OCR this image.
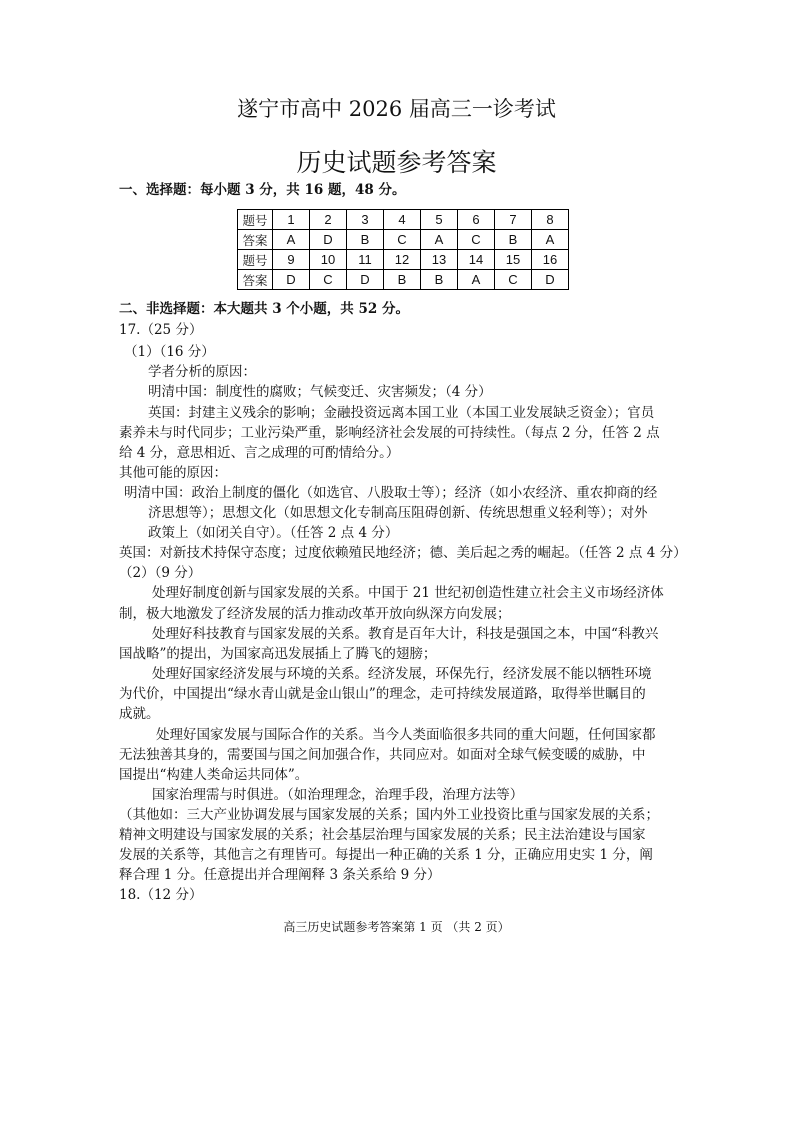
遂宁市高中 2026 届高三一诊考试
历史试题参考答案
一、选择题：每小题 3 分，共 16 题，48 分。
题号	1	2	3	4	5	6	7	8
答案	A	D	B	C	A	C	B	A
题号	9	10	11	12	13	14	15	16
答案	D	C	D	B	B	A	C	D
二、非选择题：本大题共 3 个小题，共 52 分。
17.（25 分）
（1）（16 分）
学者分析的原因：
明清中国：制度性的腐败；气候变迁、灾害频发；（4 分）
英国：封建主义残余的影响；金融投资远离本国工业（本国工业发展缺乏资金）；官员
素养未与时代同步；工业污染严重，影响经济社会发展的可持续性。（每点 2 分，任答 2 点
给 4 分，意思相近、言之成理的可酌情给分。）
其他可能的原因：
明清中国：政治上制度的僵化（如选官、八股取士等）；经济（如小农经济、重农抑商的经
济思想等）；思想文化（如思想文化专制高压阻碍创新、传统思想重义轻利等）；对外
政策上（如闭关自守）。（任答 2 点 4 分）
英国：对新技术持保守态度；过度依赖殖民地经济；德、美后起之秀的崛起。（任答 2 点 4 分）
（2）（9 分）
处理好制度创新与国家发展的关系。中国于 21 世纪初创造性建立社会主义市场经济体
制，极大地激发了经济发展的活力推动改革开放向纵深方向发展；
处理好科技教育与国家发展的关系。教育是百年大计，科技是强国之本，中国“科教兴
国战略”的提出，为国家高迅发展插上了腾飞的翅膀；
处理好国家经济发展与环境的关系。经济发展，环保先行，经济发展不能以牺牲环境
为代价，中国提出“绿水青山就是金山银山”的理念，走可持续发展道路，取得举世瞩目的
成就。
处理好国家发展与国际合作的关系。当今人类面临很多共同的重大问题，任何国家都
无法独善其身的，需要国与国之间加强合作，共同应对。如面对全球气候变暖的威胁，中
国提出“构建人类命运共同体”。
国家治理需与时俱进。（如治理理念，治理手段，治理方法等）
（其他如：三大产业协调发展与国家发展的关系；国内外工业投资比重与国家发展的关系；
精神文明建设与国家发展的关系；社会基层治理与国家发展的关系；民主法治建设与国家
发展的关系等，其他言之有理皆可。每提出一种正确的关系 1 分，正确应用史实 1 分，阐
释合理 1 分。任意提出并合理阐释 3 条关系给 9 分）
18.（12 分）
高三历史试题参考答案第 1 页 （共 2 页）
